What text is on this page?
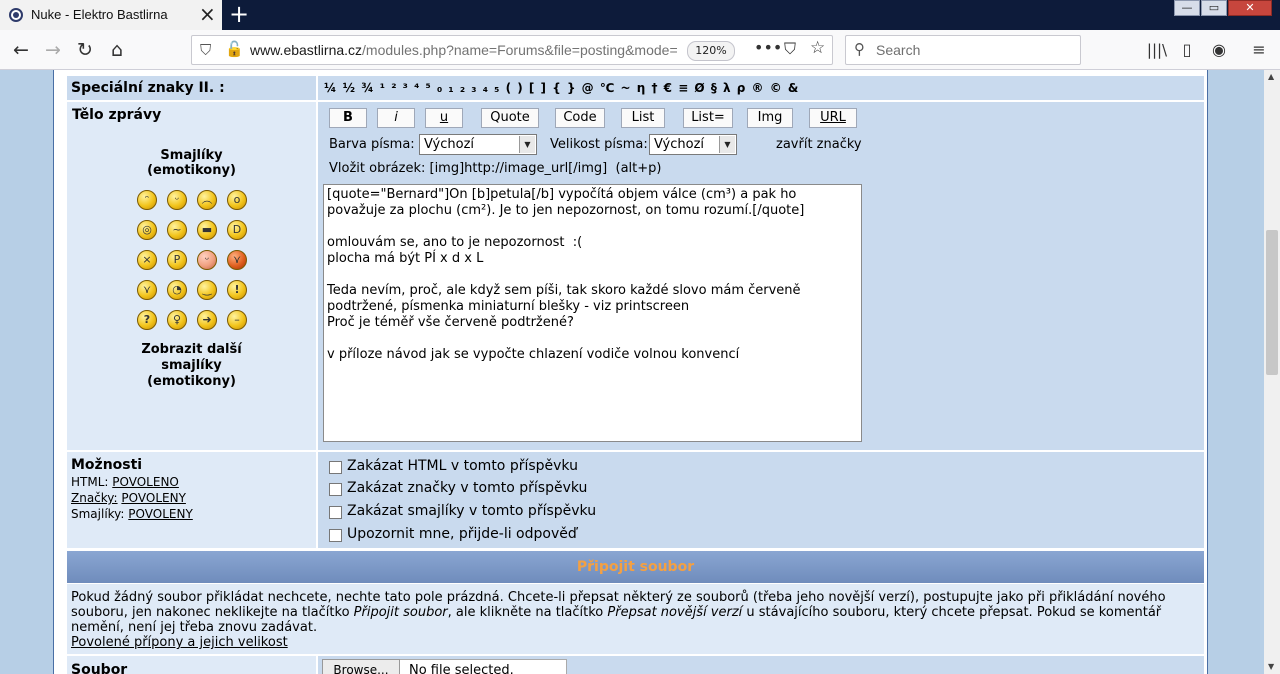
Nuke - Elektro Bastlirna × +	—	▭	✕
← → ↻ ⌂	⛉ 🔓 www.ebastlirna.cz/modules.php?name=Forums&file=posting&mode=	120%	••• ⛉ ☆ ⚲ Search	|||\ ▯	◉	≡
Speciální znaky II. :	¼ ½ ¾ ¹ ² ³ ⁴ ⁵ ₀ ₁ ₂ ₃ ₄ ₅ ( ) [ ] { } @ ℃ ~ η † € ≡ Ø § λ ρ ® © &
Tělo zprávy
Smajlíky
(emotikony)
ᵔ	ᵕ	︵	o
◎	~	▬	D
×	P	ᵕ	⋎
⋎	◔	‿	!
?	♀	➜	–
Zobrazit další
smajlíky
(emotikony)
B	i	u	Quote	Code	List	List=	Img	URL
Barva písma: Výchozí	▼	Velikost písma: Výchozí	▼	zavřít značky
Vložit obrázek: [img]http://image_url[/img]  (alt+p)
[quote="Bernard"]On [b]petula[/b] vypočítá objem válce (cm³) a pak ho
považuje za plochu (cm²). Je to jen nepozornost, on tomu rozumí.[/quote]

omlouvám se, ano to je nepozornost  :(
plocha má být PÍ x d x L

Teda nevím, proč, ale když sem píši, tak skoro každé slovo mám červeně
podtržené, písmenka miniaturní blešky - viz printscreen
Proč je téměř vše červeně podtržené?

v příloze návod jak se vypočte chlazení vodiče volnou konvencí
Možnosti
HTML: POVOLENO
Značky: POVOLENY
Smajlíky: POVOLENY
Zakázat HTML v tomto příspěvku
Zakázat značky v tomto příspěvku
Zakázat smajlíky v tomto příspěvku
Upozornit mne, přijde-li odpověď
Připojit soubor
Pokud žádný soubor přikládat nechcete, nechte tato pole prázdná. Chcete-li přepsat některý ze souborů (třeba jeho novější verzí), postupujte jako při přikládání nového souboru, jen nakonec neklikejte na tlačítko Připojit soubor, ale klikněte na tlačítko Přepsat novější verzí u stávajícího souboru, který chcete přepsat. Pokud se komentář nemění, není jej třeba znovu zadávat.
Povolené přípony a jejich velikost
Soubor	Browse...	No file selected.
▲
▼
